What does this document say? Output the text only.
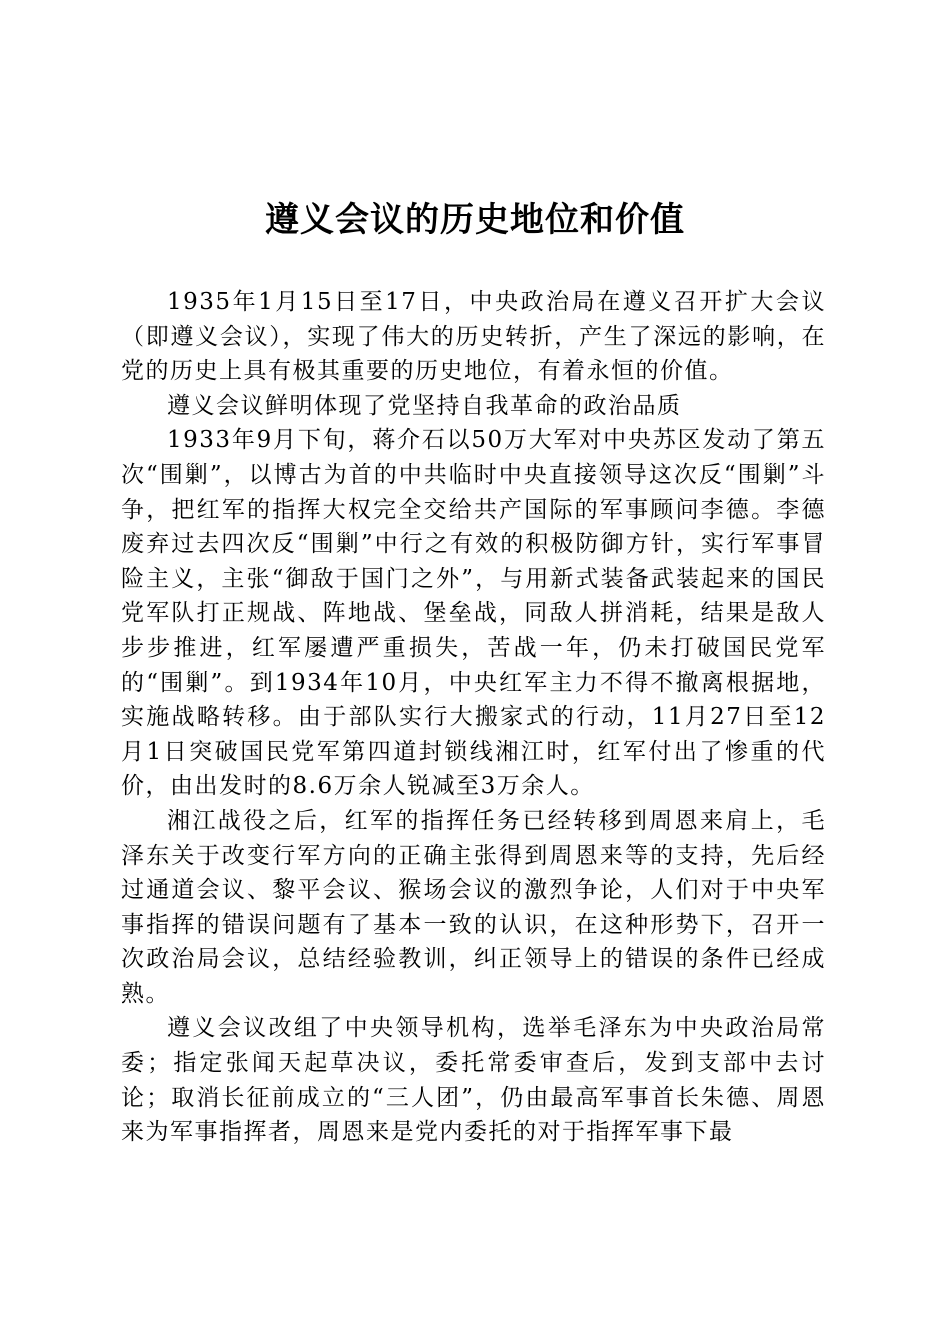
遵义会议的历史地位和价值

1935年1月15日至17日，中央政治局在遵义召开扩大会议（即遵义会议），实现了伟大的历史转折，产生了深远的影响，在党的历史上具有极其重要的历史地位，有着永恒的价值。

遵义会议鲜明体现了党坚持自我革命的政治品质

1933年9月下旬，蒋介石以50万大军对中央苏区发动了第五次“围剿”，以博古为首的中共临时中央直接领导这次反“围剿”斗争，把红军的指挥大权完全交给共产国际的军事顾问李德。李德废弃过去四次反“围剿”中行之有效的积极防御方针，实行军事冒险主义，主张“御敌于国门之外”，与用新式装备武装起来的国民党军队打正规战、阵地战、堡垒战，同敌人拼消耗，结果是敌人步步推进，红军屡遭严重损失，苦战一年，仍未打破国民党军的“围剿”。到1934年10月，中央红军主力不得不撤离根据地，实施战略转移。由于部队实行大搬家式的行动，11月27日至12月1日突破国民党军第四道封锁线湘江时，红军付出了惨重的代价，由出发时的8.6万余人锐减至3万余人。

湘江战役之后，红军的指挥任务已经转移到周恩来肩上，毛泽东关于改变行军方向的正确主张得到周恩来等的支持，先后经过通道会议、黎平会议、猴场会议的激烈争论，人们对于中央军事指挥的错误问题有了基本一致的认识，在这种形势下，召开一次政治局会议，总结经验教训，纠正领导上的错误的条件已经成熟。

遵义会议改组了中央领导机构，选举毛泽东为中央政治局常委；指定张闻天起草决议，委托常委审查后，发到支部中去讨论；取消长征前成立的“三人团”，仍由最高军事首长朱德、周恩来为军事指挥者，周恩来是党内委托的对于指挥军事下最
